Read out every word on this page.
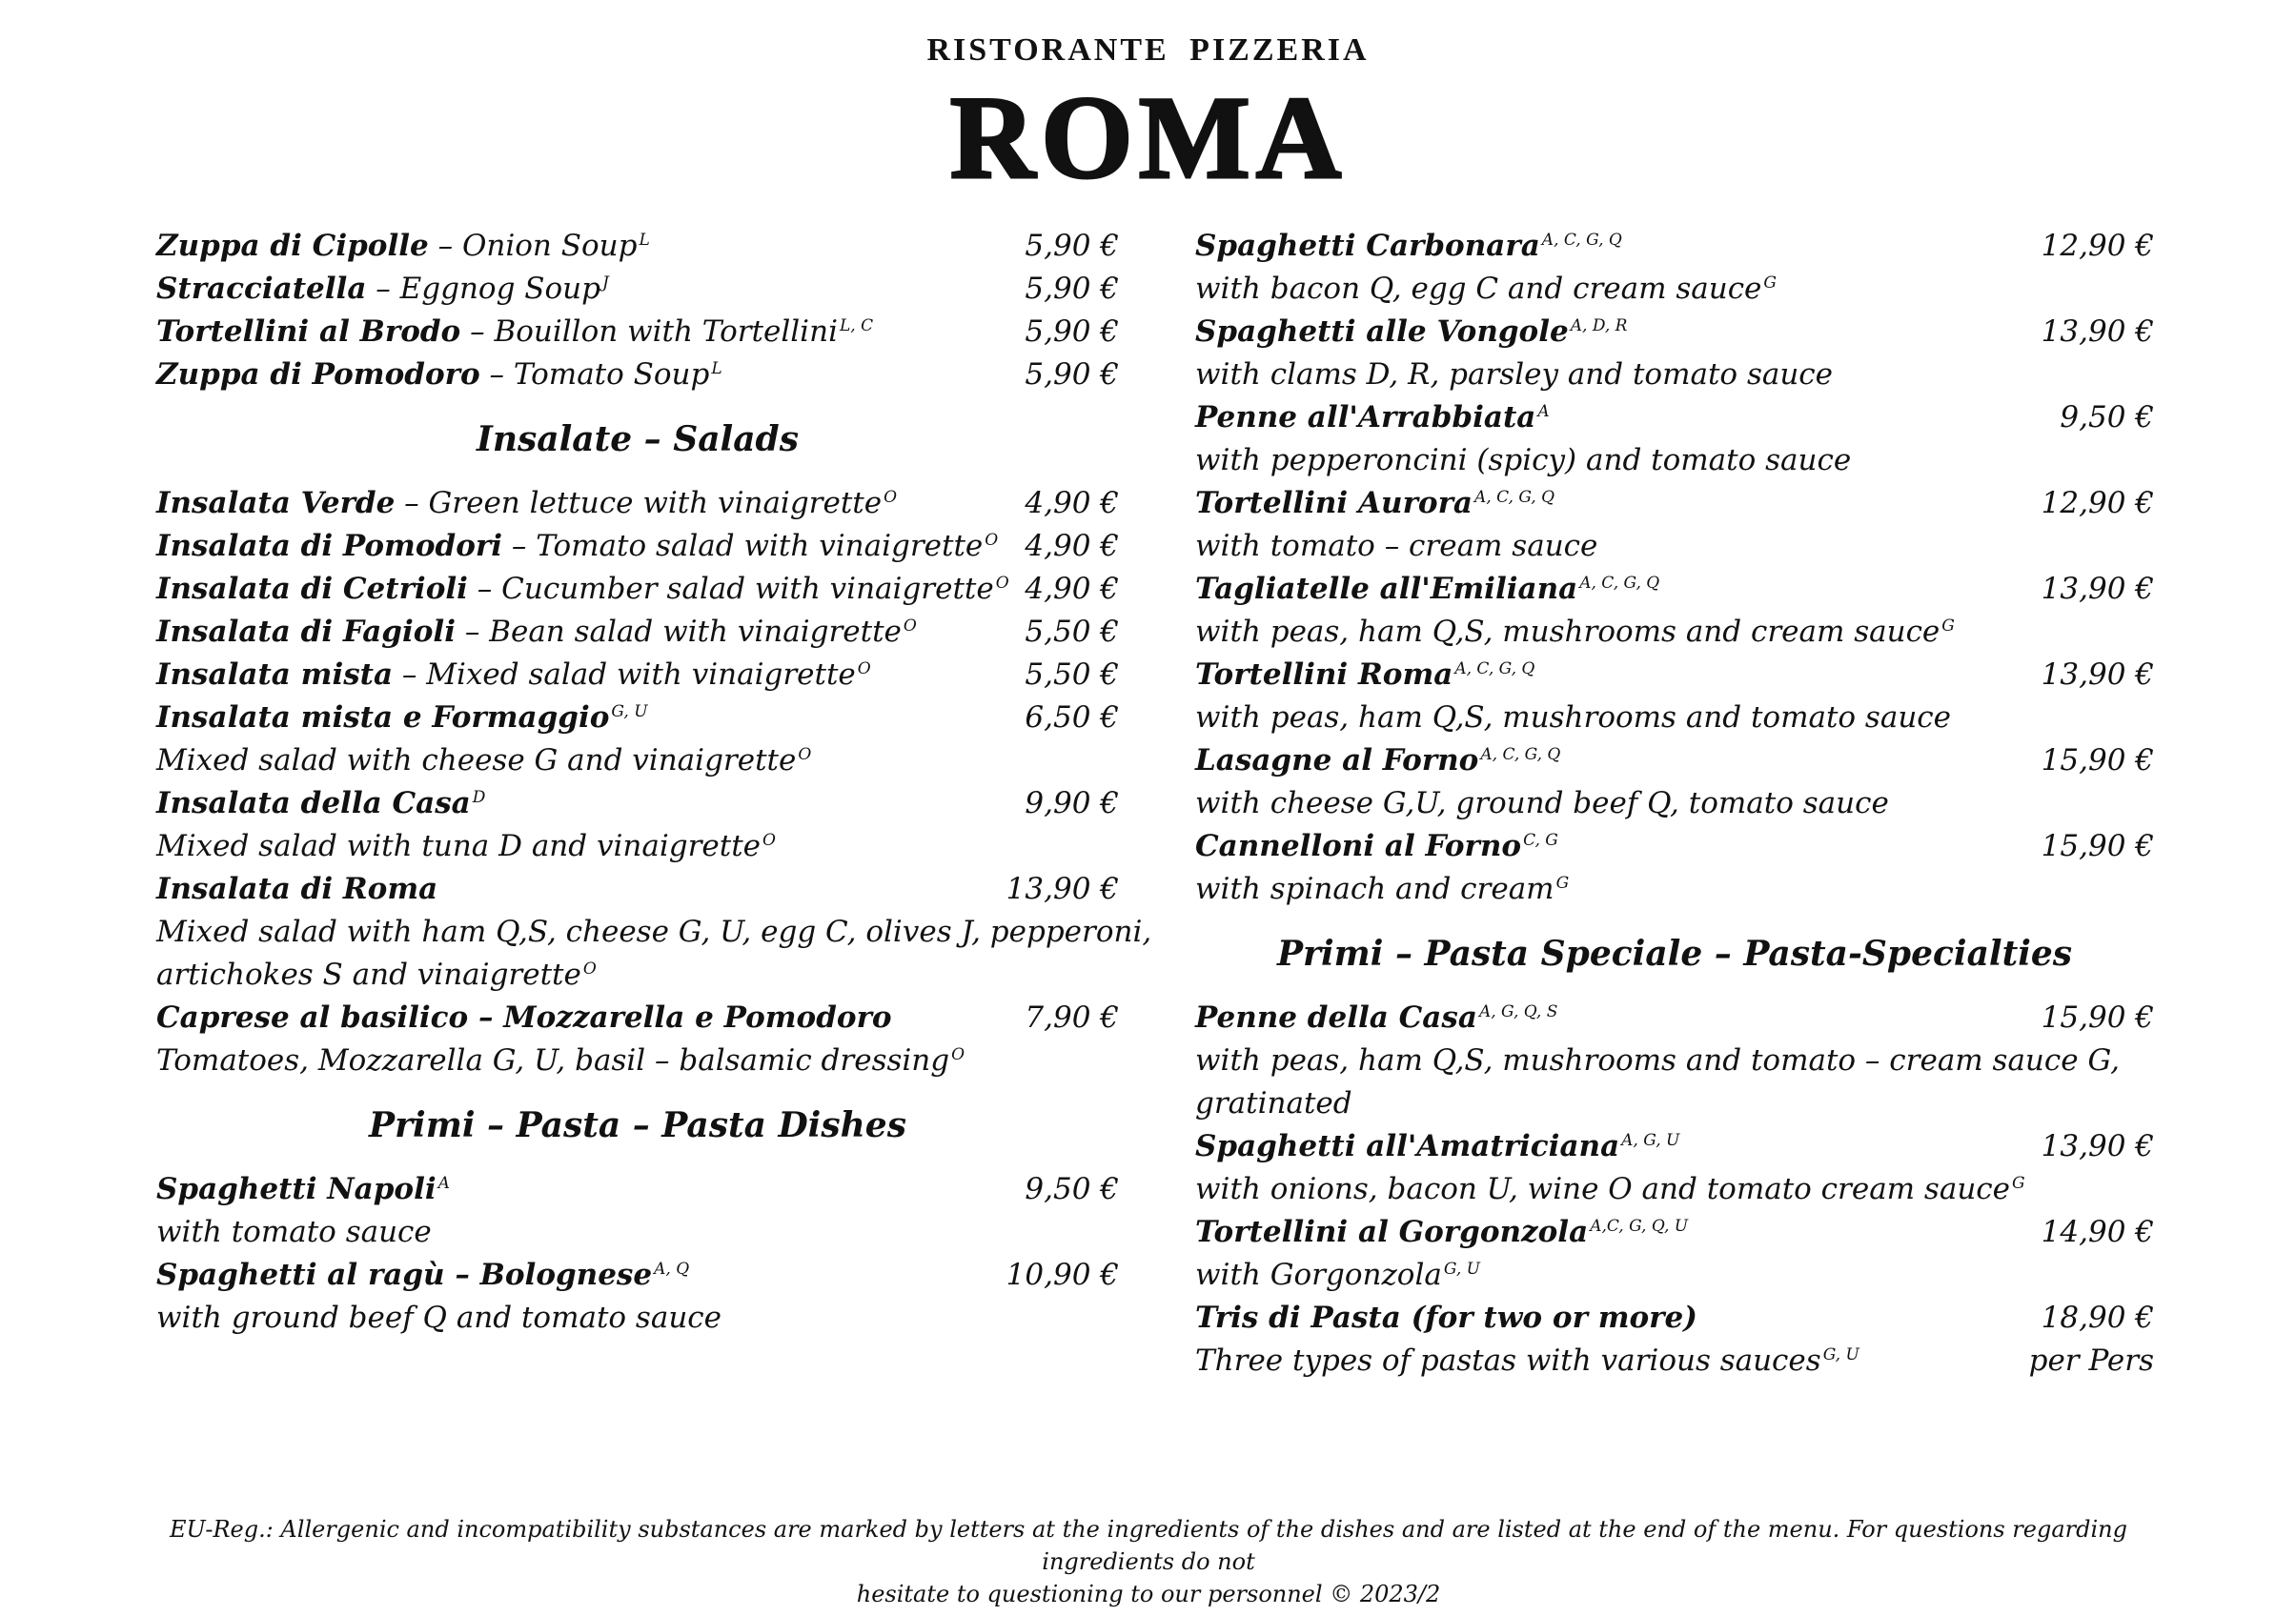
RISTORANTE PIZZERIA
ROMA
Zuppa di Cipolle – Onion Soup $^L$	5,90 €
Stracciatella – Eggnog Soup $^J$	5,90 €
Tortellini al Brodo – Bouillon with Tortellini $^{L, C}$	5,90 €
Zuppa di Pomodoro – Tomato Soup $^L$	5,90 €
Insalate – Salads
Insalata Verde – Green lettuce with vinaigrette $^O$	4,90 €
Insalata di Pomodori – Tomato salad with vinaigrette $^O$ 4,90 €
Insalata di Cetrioli – Cucumber salad with vinaigrette $^O$ 4,90 €
Insalata di Fagioli – Bean salad with vinaigrette $^O$	5,50 €
Insalata mista – Mixed salad with vinaigrette $^O$	5,50 €
Insalata mista e Formaggio $^{G, U}$	6,50 €
Mixed salad with cheese G and vinaigrette $^O$
Insalata della Casa $^D$	9,90 €
Mixed salad with tuna D and vinaigrette $^O$
Insalata di Roma	13,90 €
Mixed salad with ham Q,S, cheese G, U, egg C, olives J, pepperoni,
artichokes S and vinaigrette $^O$
Caprese al basilico – Mozzarella e Pomodoro	7,90 €
Tomatoes, Mozzarella G, U, basil – balsamic dressing $^O$
Primi – Pasta – Pasta Dishes
Spaghetti Napoli $^A$	9,50 €
with tomato sauce
Spaghetti al ragù – Bolognese $^{A, Q}$	10,90 €
with ground beef Q and tomato sauce
Spaghetti Carbonara $^{A, C, G, Q}$	12,90 €
with bacon Q, egg C and cream sauce $^G$
Spaghetti alle Vongole $^{A, D, R}$	13,90 €
with clams D, R, parsley and tomato sauce
Penne all'Arrabbiata $^A$	9,50 €
with pepperoncini (spicy) and tomato sauce
Tortellini Aurora $^{A, C, G, Q}$	12,90 €
with tomato – cream sauce
Tagliatelle all'Emiliana $^{A, C, G, Q}$	13,90 €
with peas, ham Q,S, mushrooms and cream sauce $^G$
Tortellini Roma $^{A, C, G, Q}$	13,90 €
with peas, ham Q,S, mushrooms and tomato sauce
Lasagne al Forno $^{A, C, G, Q}$	15,90 €
with cheese G,U, ground beef Q, tomato sauce
Cannelloni al Forno $^{C, G}$	15,90 €
with spinach and cream $^G$
Primi – Pasta Speciale – Pasta-Specialties
Penne della Casa $^{A, G, Q, S}$	15,90 €
with peas, ham Q,S, mushrooms and tomato – cream sauce G,
gratinated
Spaghetti all'Amatriciana $^{A, G, U}$	13,90 €
with onions, bacon U, wine O and tomato cream sauce $^G$
Tortellini al Gorgonzola $^{A,C, G, Q, U}$	14,90 €
with Gorgonzola $^{G, U}$
Tris di Pasta (for two or more)	18,90 €
Three types of pastas with various sauces $^{G, U}$	per Pers
EU-Reg.: Allergenic and incompatibility substances are marked by letters at the ingredients of the dishes and are listed at the end of the menu. For questions regarding ingredients do not
hesitate to questioning to our personnel © 2023/2
